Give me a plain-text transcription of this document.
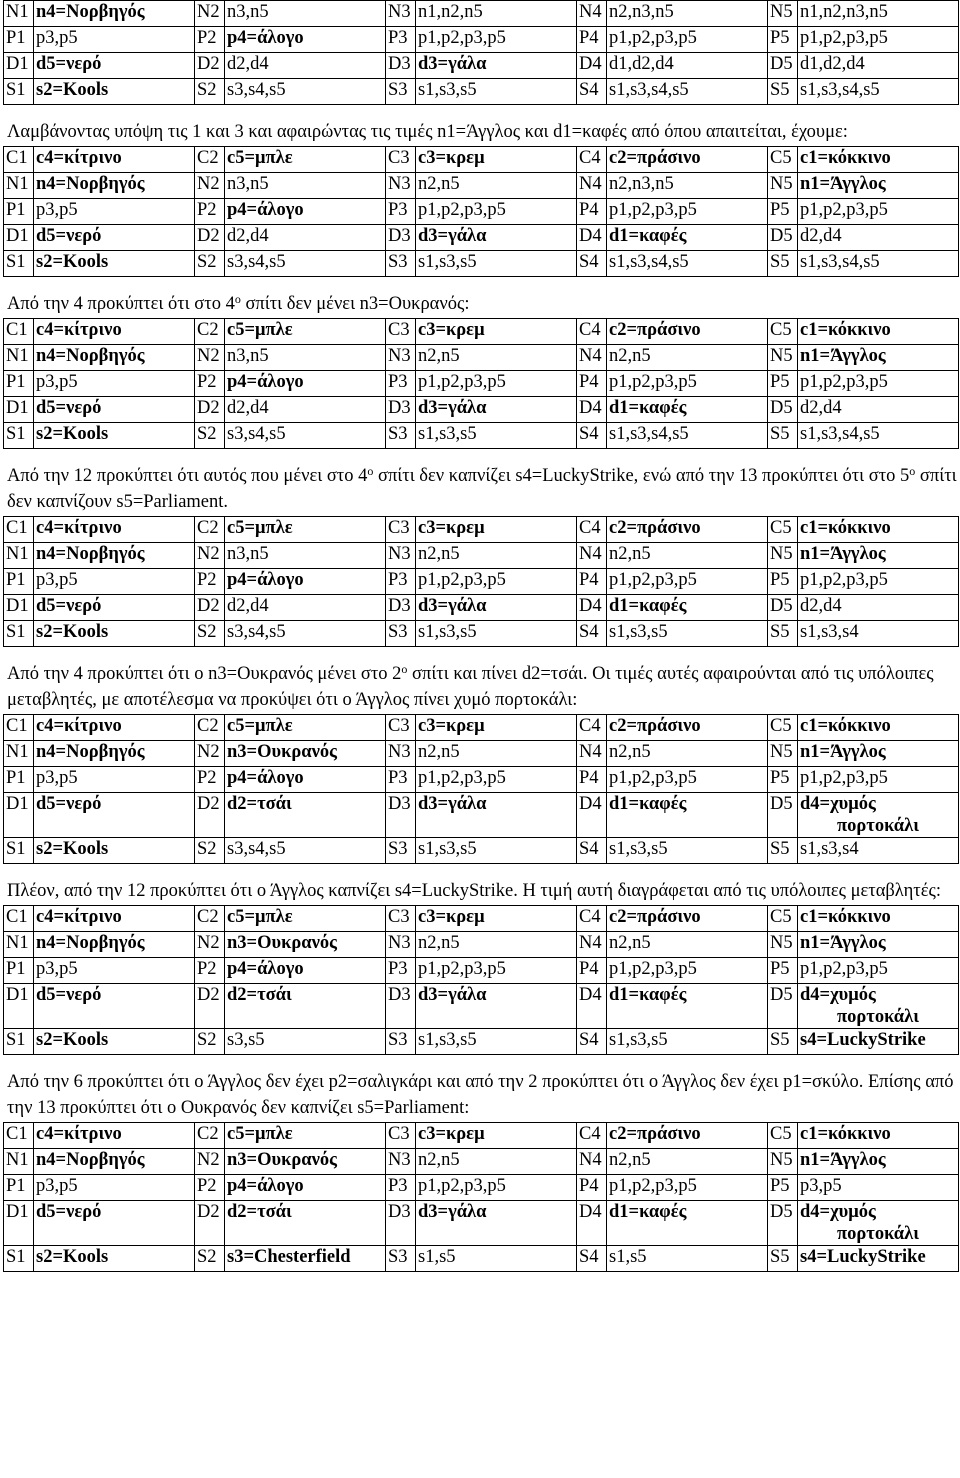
N1	n4=Νορβηγός	N2	n3,n5	N3	n1,n2,n5	N4	n2,n3,n5	N5	n1,n2,n3,n5
P1	p3,p5	P2	p4=άλογο	P3	p1,p2,p3,p5	P4	p1,p2,p3,p5	P5	p1,p2,p3,p5
D1	d5=νερό	D2	d2,d4	D3	d3=γάλα	D4	d1,d2,d4	D5	d1,d2,d4
S1	s2=Kools	S2	s3,s4,s5	S3	s1,s3,s5	S4	s1,s3,s4,s5	S5	s1,s3,s4,s5

Λαμβάνοντας υπόψη τις 1 και 3 και αφαιρώντας τις τιμές n1=Άγγλος και d1=καφές από όπου απαιτείται, έχουμε:

C1	c4=κίτρινο	C2	c5=μπλε	C3	c3=κρεμ	C4	c2=πράσινο	C5	c1=κόκκινο
N1	n4=Νορβηγός	N2	n3,n5	N3	n2,n5	N4	n2,n3,n5	N5	n1=Άγγλος
P1	p3,p5	P2	p4=άλογο	P3	p1,p2,p3,p5	P4	p1,p2,p3,p5	P5	p1,p2,p3,p5
D1	d5=νερό	D2	d2,d4	D3	d3=γάλα	D4	d1=καφές	D5	d2,d4
S1	s2=Kools	S2	s3,s4,s5	S3	s1,s3,s5	S4	s1,s3,s4,s5	S5	s1,s3,s4,s5

Από την 4 προκύπτει ότι στο $4^o$ σπίτι δεν μένει n3=Ουκρανός:

C1	c4=κίτρινο	C2	c5=μπλε	C3	c3=κρεμ	C4	c2=πράσινο	C5	c1=κόκκινο
N1	n4=Νορβηγός	N2	n3,n5	N3	n2,n5	N4	n2,n5	N5	n1=Άγγλος
P1	p3,p5	P2	p4=άλογο	P3	p1,p2,p3,p5	P4	p1,p2,p3,p5	P5	p1,p2,p3,p5
D1	d5=νερό	D2	d2,d4	D3	d3=γάλα	D4	d1=καφές	D5	d2,d4
S1	s2=Kools	S2	s3,s4,s5	S3	s1,s3,s5	S4	s1,s3,s4,s5	S5	s1,s3,s4,s5

Από την 12 προκύπτει ότι αυτός που μένει στο $4^o$ σπίτι δεν καπνίζει s4=LuckyStrike, ενώ από την 13 προκύπτει ότι στο $5^o$ σπίτι δεν καπνίζουν s5=Parliament.

C1	c4=κίτρινο	C2	c5=μπλε	C3	c3=κρεμ	C4	c2=πράσινο	C5	c1=κόκκινο
N1	n4=Νορβηγός	N2	n3,n5	N3	n2,n5	N4	n2,n5	N5	n1=Άγγλος
P1	p3,p5	P2	p4=άλογο	P3	p1,p2,p3,p5	P4	p1,p2,p3,p5	P5	p1,p2,p3,p5
D1	d5=νερό	D2	d2,d4	D3	d3=γάλα	D4	d1=καφές	D5	d2,d4
S1	s2=Kools	S2	s3,s4,s5	S3	s1,s3,s5	S4	s1,s3,s5	S5	s1,s3,s4

Από την 4 προκύπτει ότι ο n3=Ουκρανός μένει στο $2^o$ σπίτι και πίνει d2=τσάι. Οι τιμές αυτές αφαιρούνται από τις υπόλοιπες μεταβλητές, με αποτέλεσμα να προκύψει ότι ο Άγγλος πίνει χυμό πορτοκάλι:

C1	c4=κίτρινο	C2	c5=μπλε	C3	c3=κρεμ	C4	c2=πράσινο	C5	c1=κόκκινο
N1	n4=Νορβηγός	N2	n3=Ουκρανός	N3	n2,n5	N4	n2,n5	N5	n1=Άγγλος
P1	p3,p5	P2	p4=άλογο	P3	p1,p2,p3,p5	P4	p1,p2,p3,p5	P5	p1,p2,p3,p5
D1	d5=νερό	D2	d2=τσάι	D3	d3=γάλα	D4	d1=καφές	D5	d4=χυμός
πορτοκάλι
S1	s2=Kools	S2	s3,s4,s5	S3	s1,s3,s5	S4	s1,s3,s5	S5	s1,s3,s4

Πλέον, από την 12 προκύπτει ότι ο Άγγλος καπνίζει s4=LuckyStrike. Η τιμή αυτή διαγράφεται από τις υπόλοιπες μεταβλητές:

C1	c4=κίτρινο	C2	c5=μπλε	C3	c3=κρεμ	C4	c2=πράσινο	C5	c1=κόκκινο
N1	n4=Νορβηγός	N2	n3=Ουκρανός	N3	n2,n5	N4	n2,n5	N5	n1=Άγγλος
P1	p3,p5	P2	p4=άλογο	P3	p1,p2,p3,p5	P4	p1,p2,p3,p5	P5	p1,p2,p3,p5
D1	d5=νερό	D2	d2=τσάι	D3	d3=γάλα	D4	d1=καφές	D5	d4=χυμός
πορτοκάλι
S1	s2=Kools	S2	s3,s5	S3	s1,s3,s5	S4	s1,s3,s5	S5	s4=LuckyStrike

Από την 6 προκύπτει ότι ο Άγγλος δεν έχει p2=σαλιγκάρι και από την 2 προκύπτει ότι ο Άγγλος δεν έχει p1=σκύλο. Επίσης από την 13 προκύπτει ότι ο Ουκρανός δεν καπνίζει s5=Parliament:

C1	c4=κίτρινο	C2	c5=μπλε	C3	c3=κρεμ	C4	c2=πράσινο	C5	c1=κόκκινο
N1	n4=Νορβηγός	N2	n3=Ουκρανός	N3	n2,n5	N4	n2,n5	N5	n1=Άγγλος
P1	p3,p5	P2	p4=άλογο	P3	p1,p2,p3,p5	P4	p1,p2,p3,p5	P5	p3,p5
D1	d5=νερό	D2	d2=τσάι	D3	d3=γάλα	D4	d1=καφές	D5	d4=χυμός
πορτοκάλι
S1	s2=Kools	S2	s3=Chesterfield	S3	s1,s5	S4	s1,s5	S5	s4=LuckyStrike
